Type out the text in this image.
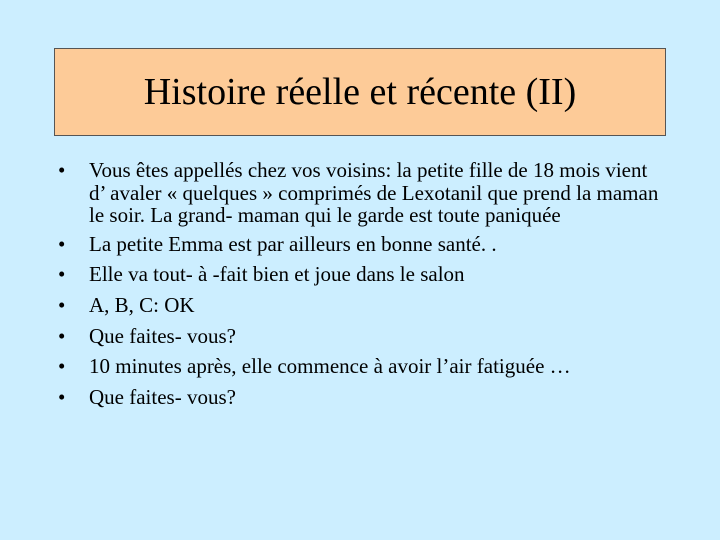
Histoire réelle et récente (II)
•	Vous êtes appellés chez vos voisins: la petite fille de 18 mois vient d’ avaler « quelques » comprimés de Lexotanil que prend la maman le soir. La grand- maman qui le garde est toute paniquée
•	La petite Emma est par ailleurs en bonne santé. .
•	Elle va tout- à -fait bien et joue dans le salon
•	A, B, C: OK
•	Que faites- vous?
•	10 minutes après, elle commence à avoir l’air fatiguée …
•	Que faites- vous?
